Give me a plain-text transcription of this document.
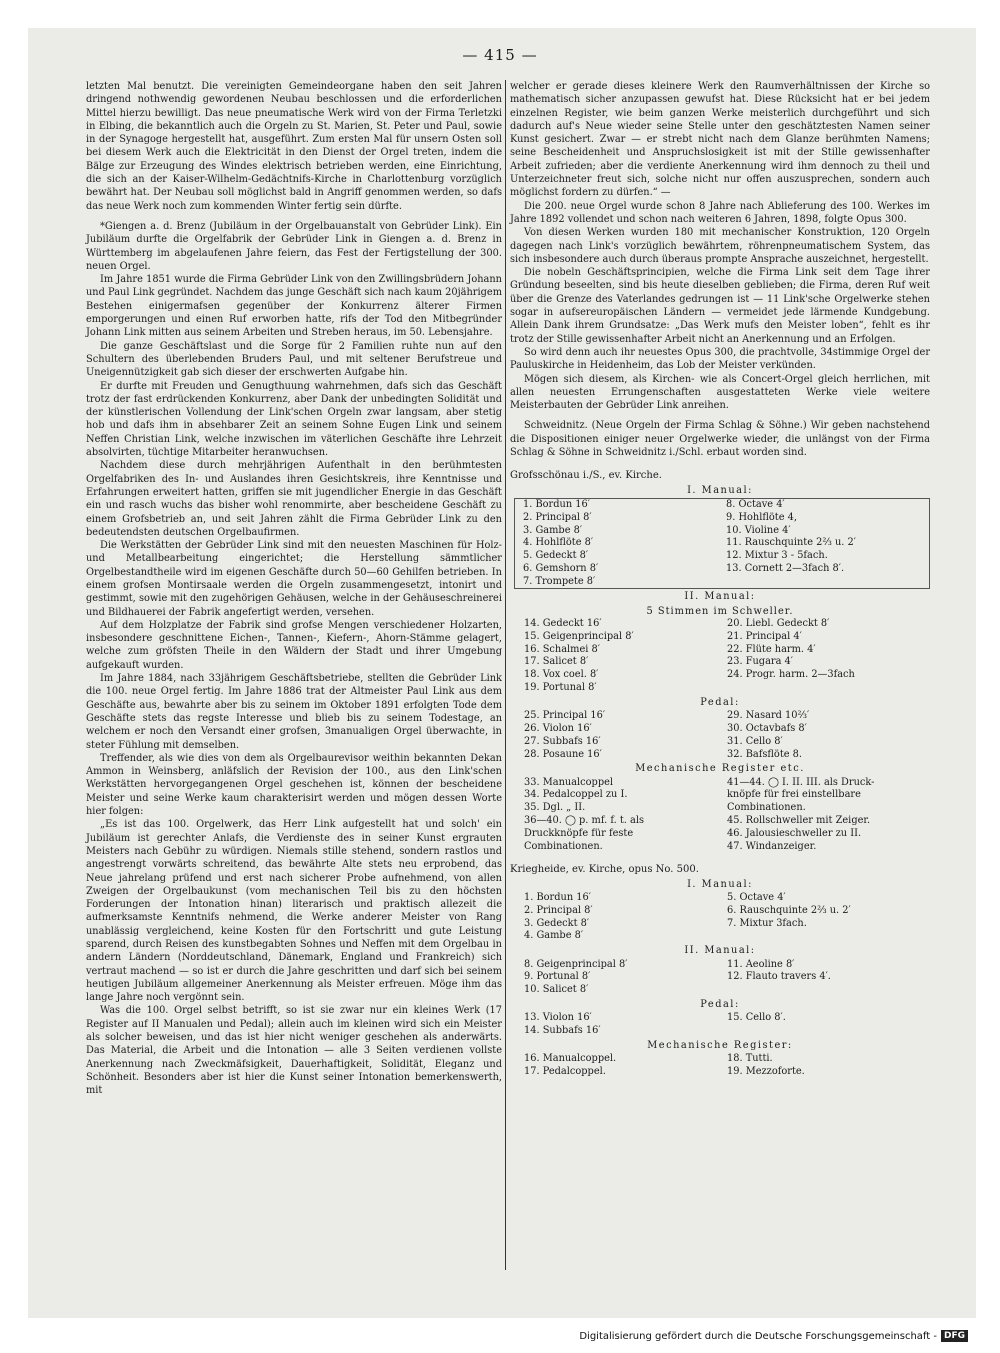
— 415 —

letzten Mal benutzt. Die vereinigten Gemeindeorgane haben den seit Jahren dringend nothwendig gewordenen Neubau beschlossen und die erforderlichen Mittel hierzu bewilligt. Das neue pneumatische Werk wird von der Firma Terletzki in Elbing, die bekanntlich auch die Orgeln zu St. Marien, St. Peter und Paul, sowie in der Synagoge hergestellt hat, ausgeführt. Zum ersten Mal für unsern Osten soll bei diesem Werk auch die Elektricität in den Dienst der Orgel treten, indem die Bälge zur Erzeugung des Windes elektrisch betrieben werden, eine Einrichtung, die sich an der Kaiser-Wilhelm-Gedächtnifs-Kirche in Charlottenburg vorzüglich bewährt hat. Der Neubau soll möglichst bald in Angriff genommen werden, so dafs das neue Werk noch zum kommenden Winter fertig sein dürfte.

*Giengen a. d. Brenz (Jubiläum in der Orgelbauanstalt von Gebrüder Link). Ein Jubiläum durfte die Orgelfabrik der Gebrüder Link in Giengen a. d. Brenz in Württemberg im abgelaufenen Jahre feiern, das Fest der Fertigstellung der 300. neuen Orgel.

Im Jahre 1851 wurde die Firma Gebrüder Link von den Zwillingsbrüdern Johann und Paul Link gegründet. Nachdem das junge Geschäft sich nach kaum 20jährigem Bestehen einigermafsen gegenüber der Konkurrenz älterer Firmen emporgerungen und einen Ruf erworben hatte, rifs der Tod den Mitbegründer Johann Link mitten aus seinem Arbeiten und Streben heraus, im 50. Lebensjahre.

Die ganze Geschäftslast und die Sorge für 2 Familien ruhte nun auf den Schultern des überlebenden Bruders Paul, und mit seltener Berufstreue und Uneigennützigkeit gab sich dieser der erschwerten Aufgabe hin.

Er durfte mit Freuden und Genugthuung wahrnehmen, dafs sich das Geschäft trotz der fast erdrückenden Konkurrenz, aber Dank der unbedingten Solidität und der künstlerischen Vollendung der Link'schen Orgeln zwar langsam, aber stetig hob und dafs ihm in absehbarer Zeit an seinem Sohne Eugen Link und seinem Neffen Christian Link, welche inzwischen im väterlichen Geschäfte ihre Lehrzeit absolvirten, tüchtige Mitarbeiter heranwuchsen.

Nachdem diese durch mehrjährigen Aufenthalt in den berühmtesten Orgelfabriken des In- und Auslandes ihren Gesichtskreis, ihre Kenntnisse und Erfahrungen erweitert hatten, griffen sie mit jugendlicher Energie in das Geschäft ein und rasch wuchs das bisher wohl renommirte, aber bescheidene Geschäft zu einem Grofsbetrieb an, und seit Jahren zählt die Firma Gebrüder Link zu den bedeutendsten deutschen Orgelbaufirmen.

Die Werkstätten der Gebrüder Link sind mit den neuesten Maschinen für Holz- und Metallbearbeitung eingerichtet; die Herstellung sämmtlicher Orgelbestandtheile wird im eigenen Geschäfte durch 50—60 Gehilfen betrieben. In einem grofsen Montirsaale werden die Orgeln zusammengesetzt, intonirt und gestimmt, sowie mit den zugehörigen Gehäusen, welche in der Gehäuseschreinerei und Bildhauerei der Fabrik angefertigt werden, versehen.

Auf dem Holzplatze der Fabrik sind grofse Mengen verschiedener Holzarten, insbesondere geschnittene Eichen-, Tannen-, Kiefern-, Ahorn-Stämme gelagert, welche zum gröfsten Theile in den Wäldern der Stadt und ihrer Umgebung aufgekauft wurden.

Im Jahre 1884, nach 33jährigem Geschäftsbetriebe, stellten die Gebrüder Link die 100. neue Orgel fertig. Im Jahre 1886 trat der Altmeister Paul Link aus dem Geschäfte aus, bewahrte aber bis zu seinem im Oktober 1891 erfolgten Tode dem Geschäfte stets das regste Interesse und blieb bis zu seinem Todestage, an welchem er noch den Versandt einer grofsen, 3manualigen Orgel überwachte, in steter Fühlung mit demselben.

Treffender, als wie dies von dem als Orgelbaurevisor weithin bekannten Dekan Ammon in Weinsberg, anläfslich der Revision der 100., aus den Link'schen Werkstätten hervorgegangenen Orgel geschehen ist, können der bescheidene Meister und seine Werke kaum charakterisirt werden und mögen dessen Worte hier folgen:

„Es ist das 100. Orgelwerk, das Herr Link aufgestellt hat und solch' ein Jubiläum ist gerechter Anlafs, die Verdienste des in seiner Kunst ergrauten Meisters nach Gebühr zu würdigen. Niemals stille stehend, sondern rastlos und angestrengt vorwärts schreitend, das bewährte Alte stets neu erprobend, das Neue jahrelang prüfend und erst nach sicherer Probe aufnehmend, von allen Zweigen der Orgelbaukunst (vom mechanischen Teil bis zu den höchsten Forderungen der Intonation hinan) literarisch und praktisch allezeit die aufmerksamste Kenntnifs nehmend, die Werke anderer Meister von Rang unablässig vergleichend, keine Kosten für den Fortschritt und gute Leistung sparend, durch Reisen des kunstbegabten Sohnes und Neffen mit dem Orgelbau in andern Ländern (Norddeutschland, Dänemark, England und Frankreich) sich vertraut machend — so ist er durch die Jahre geschritten und darf sich bei seinem heutigen Jubiläum allgemeiner Anerkennung als Meister erfreuen. Möge ihm das lange Jahre noch vergönnt sein.

Was die 100. Orgel selbst betrifft, so ist sie zwar nur ein kleines Werk (17 Register auf II Manualen und Pedal); allein auch im kleinen wird sich ein Meister als solcher beweisen, und das ist hier nicht weniger geschehen als anderwärts. Das Material, die Arbeit und die Intonation — alle 3 Seiten verdienen vollste Anerkennung nach Zweckmäfsigkeit, Dauerhaftigkeit, Solidität, Eleganz und Schönheit. Besonders aber ist hier die Kunst seiner Intonation bemerkenswerth, mit

welcher er gerade dieses kleinere Werk den Raumverhältnissen der Kirche so mathematisch sicher anzupassen gewufst hat. Diese Rücksicht hat er bei jedem einzelnen Register, wie beim ganzen Werke meisterlich durchgeführt und sich dadurch auf's Neue wieder seine Stelle unter den geschätztesten Namen seiner Kunst gesichert. Zwar — er strebt nicht nach dem Glanze berühmten Namens; seine Bescheidenheit und Anspruchslosigkeit ist mit der Stille gewissenhafter Arbeit zufrieden; aber die verdiente Anerkennung wird ihm dennoch zu theil und Unterzeichneter freut sich, solche nicht nur offen auszusprechen, sondern auch möglichst fordern zu dürfen.“ —

Die 200. neue Orgel wurde schon 8 Jahre nach Ablieferung des 100. Werkes im Jahre 1892 vollendet und schon nach weiteren 6 Jahren, 1898, folgte Opus 300.

Von diesen Werken wurden 180 mit mechanischer Konstruktion, 120 Orgeln dagegen nach Link's vorzüglich bewährtem, röhrenpneumatischem System, das sich insbesondere auch durch überaus prompte Ansprache auszeichnet, hergestellt.

Die nobeln Geschäftsprincipien, welche die Firma Link seit dem Tage ihrer Gründung beseelten, sind bis heute dieselben geblieben; die Firma, deren Ruf weit über die Grenze des Vaterlandes gedrungen ist — 11 Link'sche Orgelwerke stehen sogar in aufsereuropäischen Ländern — vermeidet jede lärmende Kundgebung. Allein Dank ihrem Grundsatze: „Das Werk mufs den Meister loben“, fehlt es ihr trotz der Stille gewissenhafter Arbeit nicht an Anerkennung und an Erfolgen.

So wird denn auch ihr neuestes Opus 300, die prachtvolle, 34stimmige Orgel der Pauluskirche in Heidenheim, das Lob der Meister verkünden.

Mögen sich diesem, als Kirchen- wie als Concert-Orgel gleich herrlichen, mit allen neuesten Errungenschaften ausgestatteten Werke viele weitere Meisterbauten der Gebrüder Link anreihen.

Schweidnitz. (Neue Orgeln der Firma Schlag & Söhne.) Wir geben nachstehend die Dispositionen einiger neuer Orgelwerke wieder, die unlängst von der Firma Schlag & Söhne in Schweidnitz i./Schl. erbaut worden sind.

Grofsschönau i./S., ev. Kirche.
I. Manual:
1. Bordun 16′	8. Octave 4′
2. Principal 8′	9. Hohlflöte 4,
3. Gambe 8′	10. Violine 4′
4. Hohlflöte 8′	11. Rauschquinte 2⅔ u. 2′
5. Gedeckt 8′	12. Mixtur 3 - 5fach.
6. Gemshorn 8′	13. Cornett 2—3fach 8′.
7. Trompete 8′
II. Manual:
5 Stimmen im Schweller.
14. Gedeckt 16′	20. Liebl. Gedeckt 8′
15. Geigenprincipal 8′	21. Principal 4′
16. Schalmei 8′	22. Flüte harm. 4′
17. Salicet 8′	23. Fugara 4′
18. Vox coel. 8′	24. Progr. harm. 2—3fach
19. Portunal 8′
Pedal:
25. Principal 16′	29. Nasard 10⅔′
26. Violon 16′	30. Octavbafs 8′
27. Subbafs 16′	31. Cello 8′
28. Posaune 16′	32. Bafsflöte 8.
Mechanische Register etc.
33. Manualcoppel	41—44. ◯ I. II. III. als Druck-
34. Pedalcoppel zu I.	knöpfe für frei einstellbare
35. Dgl. „ II.	Combinationen.
36—40. ◯ p. mf. f. t. als	45. Rollschweller mit Zeiger.
Druckknöpfe für feste	46. Jalousieschweller zu II.
Combinationen.	47. Windanzeiger.
Kriegheide, ev. Kirche, opus No. 500.
I. Manual:
1. Bordun 16′	5. Octave 4′
2. Principal 8′	6. Rauschquinte 2⅔ u. 2′
3. Gedeckt 8′	7. Mixtur 3fach.
4. Gambe 8′
II. Manual:
8. Geigenprincipal 8′	11. Aeoline 8′
9. Portunal 8′	12. Flauto travers 4′.
10. Salicet 8′
Pedal:
13. Violon 16′	15. Cello 8′.
14. Subbafs 16′
Mechanische Register:
16. Manualcoppel.	18. Tutti.
17. Pedalcoppel.	19. Mezzoforte.
Digitalisierung gefördert durch die Deutsche Forschungsgemeinschaft - DFG
